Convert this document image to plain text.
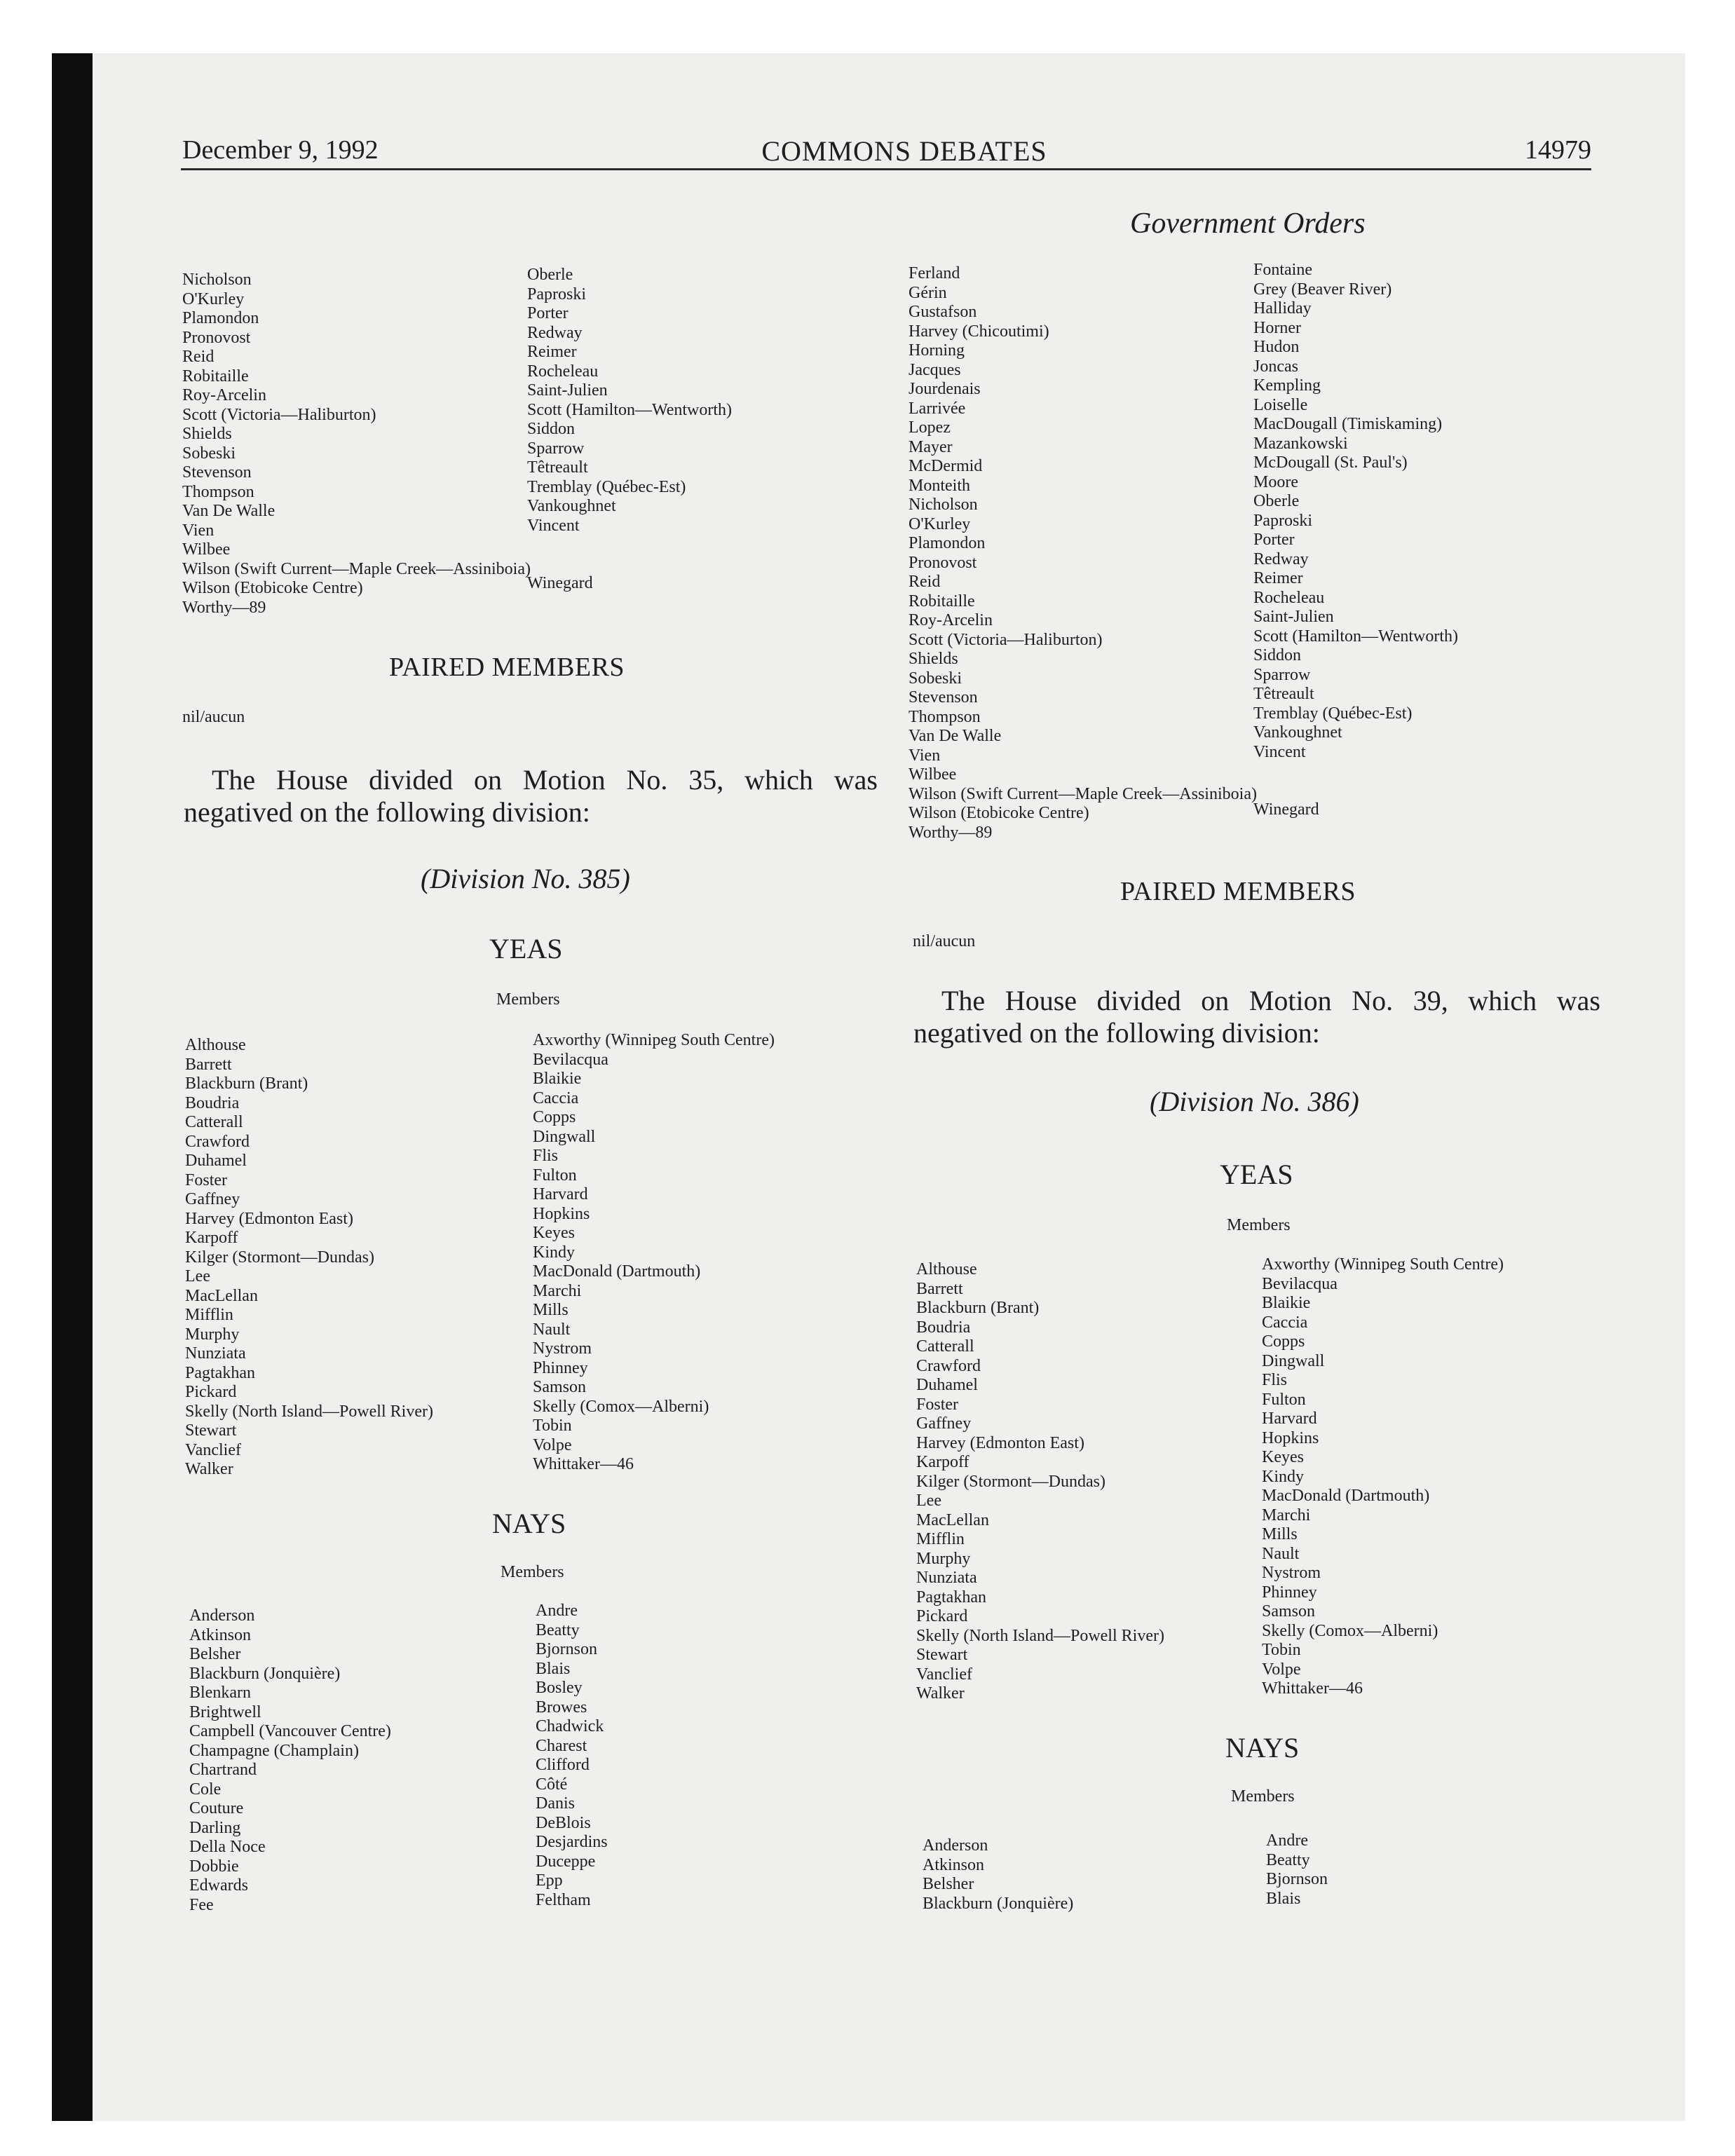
December 9, 1992	COMMONS DEBATES	14979
Government Orders
Nicholson
O'Kurley
Plamondon
Pronovost
Reid
Robitaille
Roy-Arcelin
Scott (Victoria—Haliburton)
Shields
Sobeski
Stevenson
Thompson
Van De Walle
Vien
Wilbee
Wilson (Swift Current—Maple Creek—Assiniboia)
Wilson (Etobicoke Centre)
Worthy—89
Oberle
Paproski
Porter
Redway
Reimer
Rocheleau
Saint-Julien
Scott (Hamilton—Wentworth)
Siddon
Sparrow
Têtreault
Tremblay (Québec-Est)
Vankoughnet
Vincent
Winegard
PAIRED MEMBERS
nil/aucun
The House divided on Motion No. 35, which was negatived on the following division:
(Division No. 385)
YEAS
Members
Althouse
Barrett
Blackburn (Brant)
Boudria
Catterall
Crawford
Duhamel
Foster
Gaffney
Harvey (Edmonton East)
Karpoff
Kilger (Stormont—Dundas)
Lee
MacLellan
Mifflin
Murphy
Nunziata
Pagtakhan
Pickard
Skelly (North Island—Powell River)
Stewart
Vanclief
Walker
Axworthy (Winnipeg South Centre)
Bevilacqua
Blaikie
Caccia
Copps
Dingwall
Flis
Fulton
Harvard
Hopkins
Keyes
Kindy
MacDonald (Dartmouth)
Marchi
Mills
Nault
Nystrom
Phinney
Samson
Skelly (Comox—Alberni)
Tobin
Volpe
Whittaker—46
NAYS
Members
Anderson
Atkinson
Belsher
Blackburn (Jonquière)
Blenkarn
Brightwell
Campbell (Vancouver Centre)
Champagne (Champlain)
Chartrand
Cole
Couture
Darling
Della Noce
Dobbie
Edwards
Fee
Andre
Beatty
Bjornson
Blais
Bosley
Browes
Chadwick
Charest
Clifford
Côté
Danis
DeBlois
Desjardins
Duceppe
Epp
Feltham
Ferland
Gérin
Gustafson
Harvey (Chicoutimi)
Horning
Jacques
Jourdenais
Larrivée
Lopez
Mayer
McDermid
Monteith
Nicholson
O'Kurley
Plamondon
Pronovost
Reid
Robitaille
Roy-Arcelin
Scott (Victoria—Haliburton)
Shields
Sobeski
Stevenson
Thompson
Van De Walle
Vien
Wilbee
Wilson (Swift Current—Maple Creek—Assiniboia)
Wilson (Etobicoke Centre)
Worthy—89
Fontaine
Grey (Beaver River)
Halliday
Horner
Hudon
Joncas
Kempling
Loiselle
MacDougall (Timiskaming)
Mazankowski
McDougall (St. Paul's)
Moore
Oberle
Paproski
Porter
Redway
Reimer
Rocheleau
Saint-Julien
Scott (Hamilton—Wentworth)
Siddon
Sparrow
Têtreault
Tremblay (Québec-Est)
Vankoughnet
Vincent
Winegard
PAIRED MEMBERS
nil/aucun
The House divided on Motion No. 39, which was negatived on the following division:
(Division No. 386)
YEAS
Members
Althouse
Barrett
Blackburn (Brant)
Boudria
Catterall
Crawford
Duhamel
Foster
Gaffney
Harvey (Edmonton East)
Karpoff
Kilger (Stormont—Dundas)
Lee
MacLellan
Mifflin
Murphy
Nunziata
Pagtakhan
Pickard
Skelly (North Island—Powell River)
Stewart
Vanclief
Walker
Axworthy (Winnipeg South Centre)
Bevilacqua
Blaikie
Caccia
Copps
Dingwall
Flis
Fulton
Harvard
Hopkins
Keyes
Kindy
MacDonald (Dartmouth)
Marchi
Mills
Nault
Nystrom
Phinney
Samson
Skelly (Comox—Alberni)
Tobin
Volpe
Whittaker—46
NAYS
Members
Anderson
Atkinson
Belsher
Blackburn (Jonquière)
Andre
Beatty
Bjornson
Blais
